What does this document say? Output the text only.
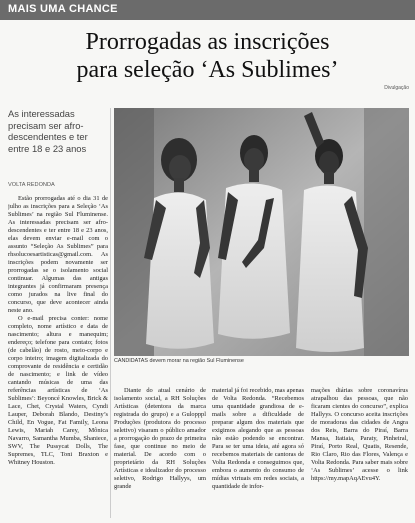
MAIS UMA CHANCE
Prorrogadas as inscrições
para seleção ‘As Sublimes’
Divulgação
As interessadas precisam ser afro-descendentes e ter entre 18 e 23 anos
VOLTA REDONDA

Estão prorrogadas até o dia 31 de julho as inscrições para a Seleção ‘As Sublimes’ na região Sul Fluminense. As interessadas precisam ser afro-descendentes e ter entre 18 e 23 anos, elas devem enviar e-mail com o assunto “Seleção As Sublimes” para rhsolucoesartisticas@gmail.com. As inscrições podem novamente ser prorrogadas se o isolamento social continuar. Algumas das antigas integrantes já confirmaram presença como jurados na live final do concurso, que deve acontecer ainda neste ano.

O e-mail precisa conter: nome completo, nome artístico e data de nascimento; altura e manequim; endereço; telefone para contato; fotos (de cabelão) de rosto, meio-corpo e corpo inteiro; imagem digitalizada do comprovante de residência e certidão de nascimento; e link de vídeo cantando músicas de uma das referências artísticas de ‘As Sublimes’: Beyoncé Knowles, Brick & Lace, Chet, Crystal Waters, Cyndi Lauper, Deborah Blando, Destiny’s Child, En Vogue, Fat Family, Leona Lewis, Mariah Carey, Mônica Navarro, Samantha Mumba, Shaniece, SWV, The Pussycat Dolls, The Supremes, TLC, Toni Braxton e Whitney Houston.

CANDIDATAS devem morar na região Sul Fluminense

Diante do atual cenário de isolamento social, a RH Soluções Artísticas (detentora da marca registrada do grupo) e a Gulopppl Produções (produtora do processo seletivo) visaram o público amador a prorrogação do prazo de primeira fase, que continue no meio de material. De acordo com o proprietário da RH Soluções Artísticas e idealizador do processo seletivo, Rodrigo Hallyys, um grande

material já foi recebido, mas apenas de Volta Redonda. “Recebemos uma quantidade grandiosa de e-mails sobre a dificuldade de preparar algum dos materiais que exigimos alegando que as pessoas não estão podendo se encontrar. Para se ter uma ideia, até agora só recebemos materiais de cantoras de Volta Redonda e conseguimos que, embora o aumento do consumo de mídias virtuais em redes sociais, a quantidade de infor-

mações diárias sobre coronavírus atrapalhou das pessoas, que não ficaram cientes do concurso”, explica Hallyys. O concurso aceita inscrições de moradoras das cidades de Angra dos Reis, Barra do Piraí, Barra Mansa, Itatiaia, Paraty, Pinheiral, Piraí, Porto Real, Quatis, Resende, Rio Claro, Rio das Flores, Valença e Volta Redonda. Para saber mais sobre ‘As Sublimes’ acesse o link https://my.mapAqAEvu4Y.
